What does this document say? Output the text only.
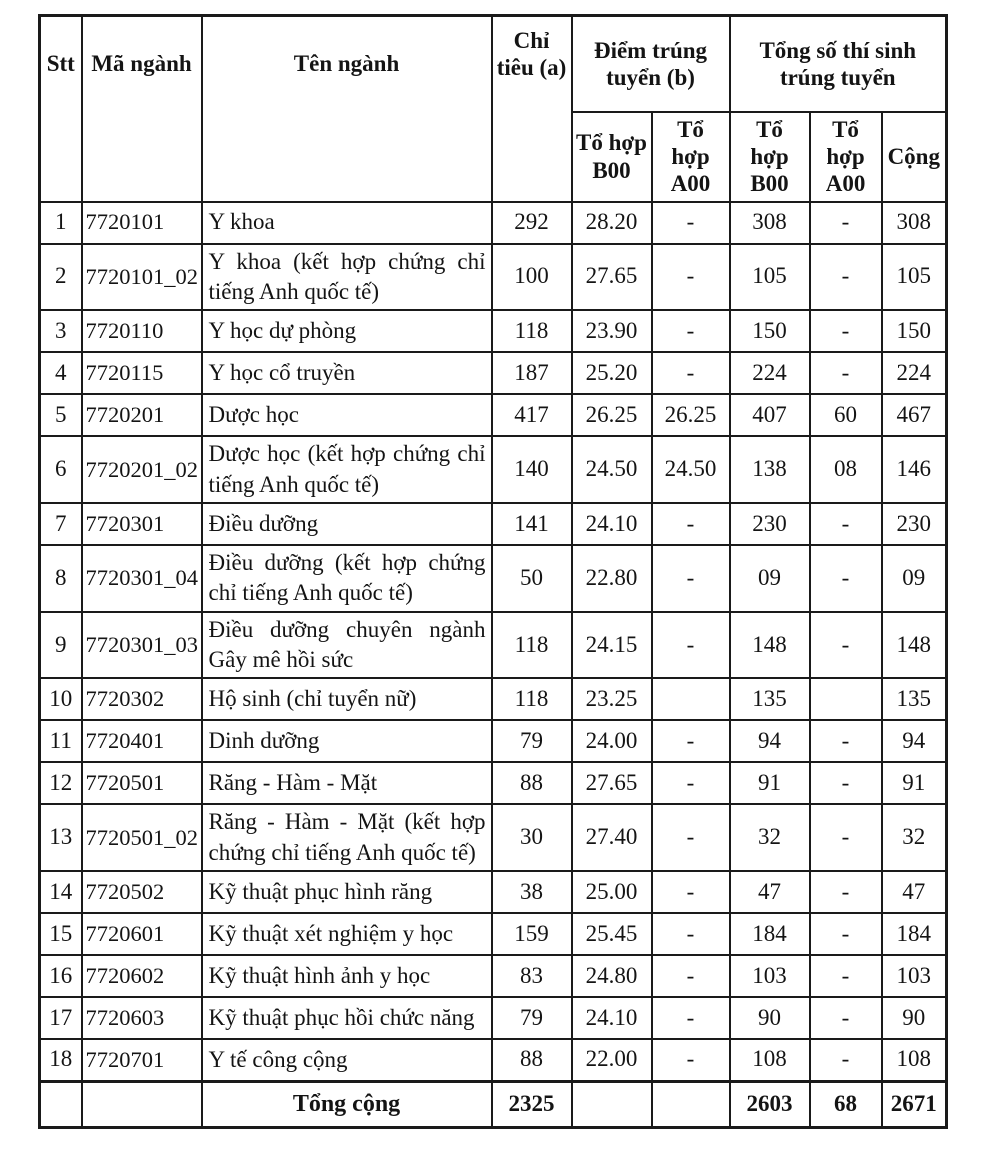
Stt	Mã ngành	Tên ngành	Chỉ tiêu (a)	Điểm trúng tuyển (b)		Tổng số thí sinh trúng tuyển		
				Tổ hợp B00	Tổ hợp A00	Tổ hợp B00	Tổ hợp A00	Cộng
1	7720101	Y khoa	292	28.20	-	308	-	308
2	7720101_02	Y khoa (kết hợp chứng chỉ tiếng Anh quốc tế)	100	27.65	-	105	-	105
3	7720110	Y học dự phòng	118	23.90	-	150	-	150
4	7720115	Y học cổ truyền	187	25.20	-	224	-	224
5	7720201	Dược học	417	26.25	26.25	407	60	467
6	7720201_02	Dược học (kết hợp chứng chỉ tiếng Anh quốc tế)	140	24.50	24.50	138	08	146
7	7720301	Điều dưỡng	141	24.10	-	230	-	230
8	7720301_04	Điều dưỡng (kết hợp chứng chỉ tiếng Anh quốc tế)	50	22.80	-	09	-	09
9	7720301_03	Điều dưỡng chuyên ngành Gây mê hồi sức	118	24.15	-	148	-	148
10	7720302	Hộ sinh (chỉ tuyển nữ)	118	23.25		135		135
11	7720401	Dinh dưỡng	79	24.00	-	94	-	94
12	7720501	Răng - Hàm - Mặt	88	27.65	-	91	-	91
13	7720501_02	Răng - Hàm - Mặt (kết hợp chứng chỉ tiếng Anh quốc tế)	30	27.40	-	32	-	32
14	7720502	Kỹ thuật phục hình răng	38	25.00	-	47	-	47
15	7720601	Kỹ thuật xét nghiệm y học	159	25.45	-	184	-	184
16	7720602	Kỹ thuật hình ảnh y học	83	24.80	-	103	-	103
17	7720603	Kỹ thuật phục hồi chức năng	79	24.10	-	90	-	90
18	7720701	Y tế công cộng	88	22.00	-	108	-	108
		Tổng cộng	2325			2603	68	2671
